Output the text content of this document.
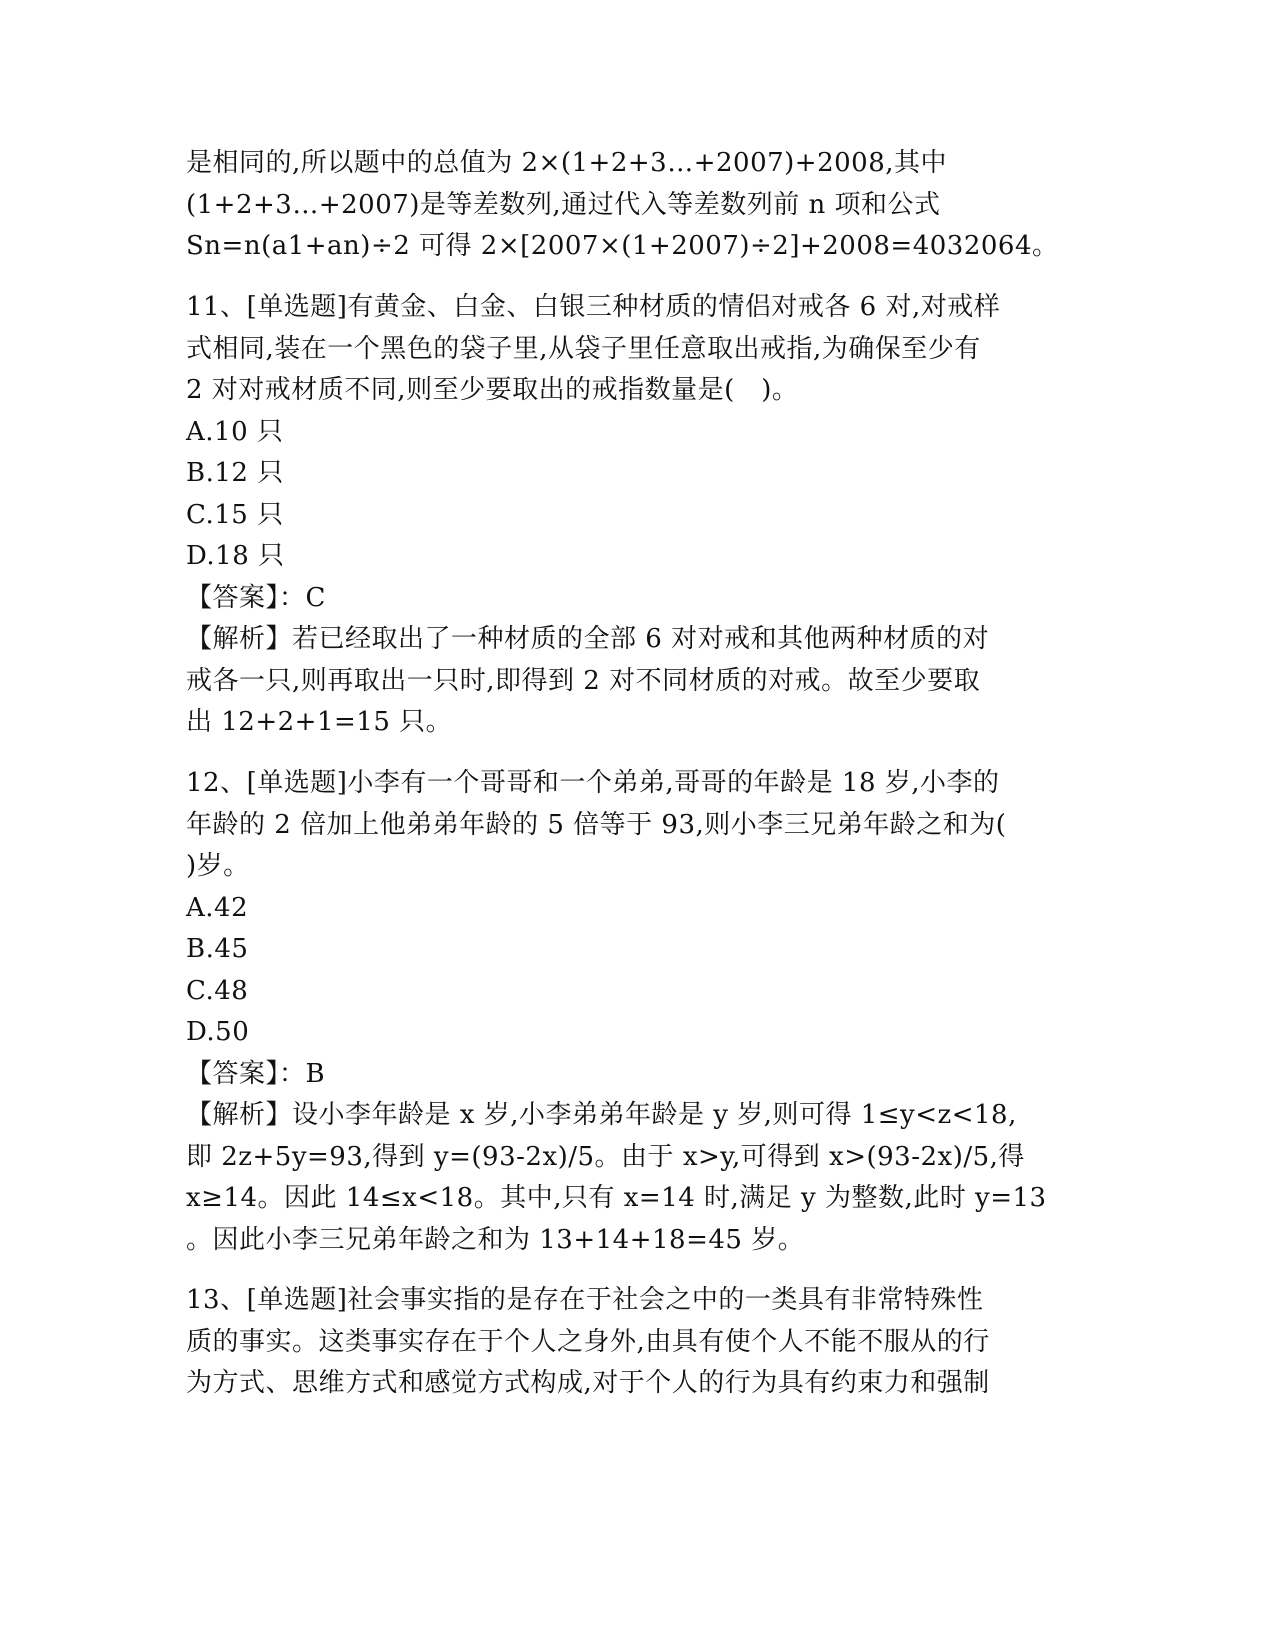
是相同的,所以题中的总值为 2×(1+2+3…+2007)+2008,其中
(1+2+3…+2007)是等差数列,通过代入等差数列前 n 项和公式
Sn=n(a1+an)÷2 可得 2×[2007×(1+2007)÷2]+2008=4032064。
11、[单选题]有黄金、白金、白银三种材质的情侣对戒各 6 对,对戒样
式相同,装在一个黑色的袋子里,从袋子里任意取出戒指,为确保至少有
2 对对戒材质不同,则至少要取出的戒指数量是(　)。
A.10 只
B.12 只
C.15 只
D.18 只
【答案】：C
【解析】若已经取出了一种材质的全部 6 对对戒和其他两种材质的对
戒各一只,则再取出一只时,即得到 2 对不同材质的对戒。故至少要取
出 12+2+1=15 只。
12、[单选题]小李有一个哥哥和一个弟弟,哥哥的年龄是 18 岁,小李的
年龄的 2 倍加上他弟弟年龄的 5 倍等于 93,则小李三兄弟年龄之和为(
)岁。
A.42
B.45
C.48
D.50
【答案】：B
【解析】设小李年龄是 x 岁,小李弟弟年龄是 y 岁,则可得 1≤y<z<18,
即 2z+5y=93,得到 y=(93-2x)/5。由于 x>y,可得到 x>(93-2x)/5,得
x≥14。因此 14≤x<18。其中,只有 x=14 时,满足 y 为整数,此时 y=13
。因此小李三兄弟年龄之和为 13+14+18=45 岁。
13、[单选题]社会事实指的是存在于社会之中的一类具有非常特殊性
质的事实。这类事实存在于个人之身外,由具有使个人不能不服从的行
为方式、思维方式和感觉方式构成,对于个人的行为具有约束力和强制
